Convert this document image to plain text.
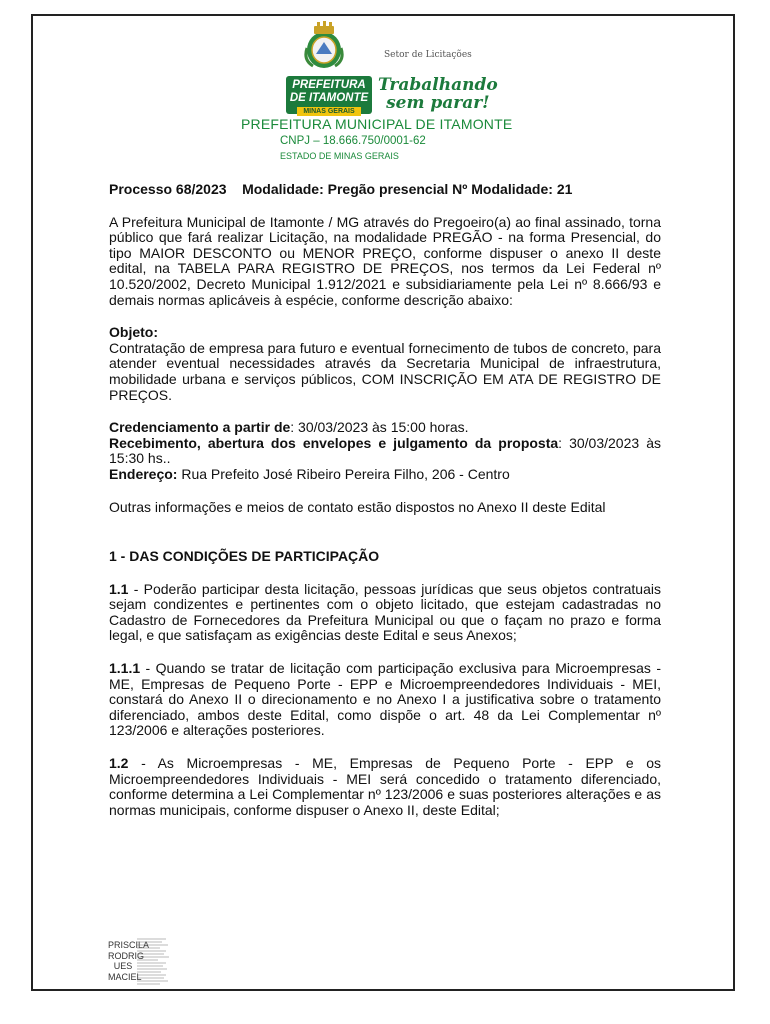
Setor de Licitações
PREFEITURA
DE ITAMONTE
MINAS GERAIS
Trabalhando
sem parar!
PREFEITURA MUNICIPAL DE ITAMONTE
CNPJ – 18.666.750/0001-62
ESTADO DE MINAS GERAIS

Processo 68/2023    Modalidade: Pregão presencial Nº Modalidade: 21

A Prefeitura Municipal de Itamonte / MG através do Pregoeiro(a) ao final assinado, torna público que fará realizar Licitação, na modalidade PREGÃO - na forma Presencial, do tipo MAIOR DESCONTO ou MENOR PREÇO, conforme dispuser o anexo II deste edital, na TABELA PARA REGISTRO DE PREÇOS, nos termos da Lei Federal nº 10.520/2002, Decreto Municipal 1.912/2021 e subsidiariamente pela Lei nº 8.666/93 e demais normas aplicáveis à espécie, conforme descrição abaixo:

Objeto:

Contratação de empresa para futuro e eventual fornecimento de tubos de concreto, para atender eventual necessidades através da Secretaria Municipal de infraestrutura, mobilidade urbana e serviços públicos, COM INSCRIÇÃO EM ATA DE REGISTRO DE PREÇOS.

Credenciamento a partir de: 30/03/2023 às 15:00 horas.

Recebimento, abertura dos envelopes e julgamento da proposta: 30/03/2023 às 15:30 hs..

Endereço: Rua Prefeito José Ribeiro Pereira Filho, 206 - Centro

Outras informações e meios de contato estão dispostos no Anexo II deste Edital

1 - DAS CONDIÇÕES DE PARTICIPAÇÃO

1.1 - Poderão participar desta licitação, pessoas jurídicas que seus objetos contratuais sejam condizentes e pertinentes com o objeto licitado, que estejam cadastradas no Cadastro de Fornecedores da Prefeitura Municipal ou que o façam no prazo e forma legal, e que satisfaçam as exigências deste Edital e seus Anexos;

1.1.1 - Quando se tratar de licitação com participação exclusiva para Microempresas - ME, Empresas de Pequeno Porte - EPP e Microempreendedores Individuais - MEI, constará do Anexo II o direcionamento e no Anexo I a justificativa sobre o tratamento diferenciado, ambos deste Edital, como dispõe o art. 48 da Lei Complementar nº 123/2006 e alterações posteriores.

1.2 - As Microempresas - ME, Empresas de Pequeno Porte - EPP e os Microempreendedores Individuais - MEI será concedido o tratamento diferenciado, conforme determina a Lei Complementar nº 123/2006 e suas posteriores alterações e as normas municipais, conforme dispuser o Anexo II, deste Edital;

PRISCILA RODRIG UES MACIEL
